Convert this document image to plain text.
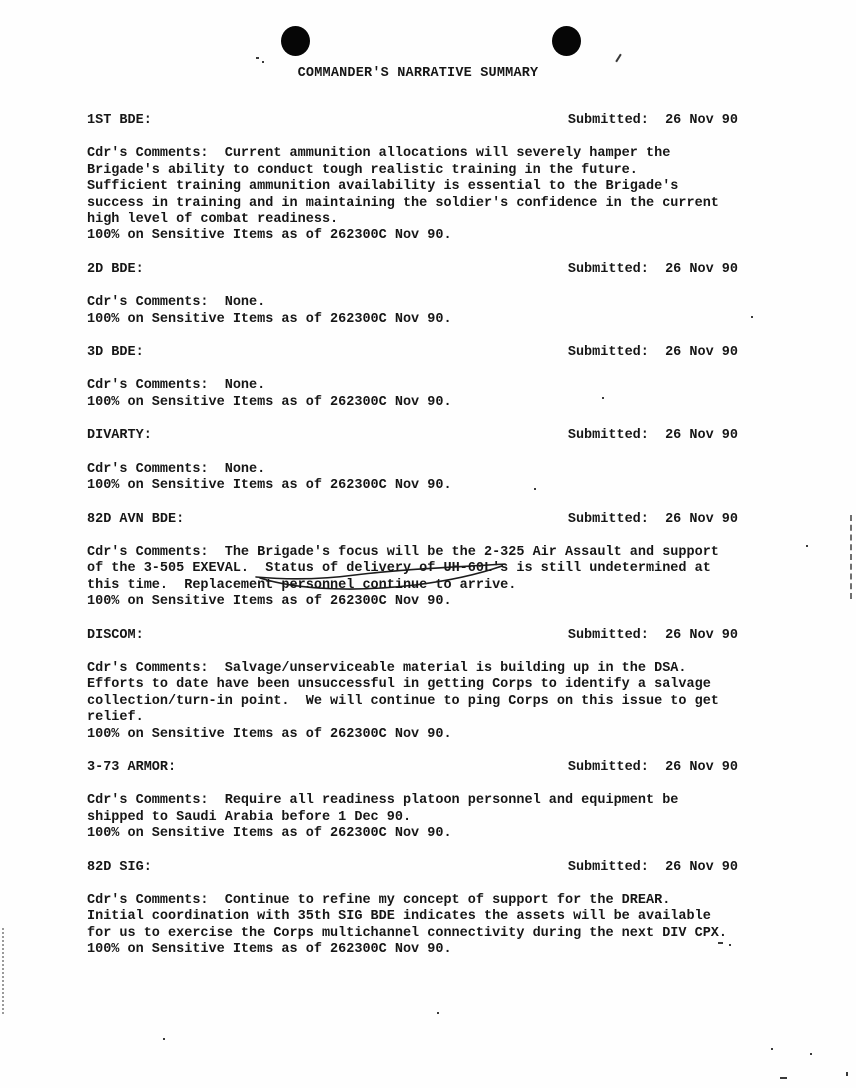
COMMANDER'S NARRATIVE SUMMARY
1ST BDE:	Submitted: 26 Nov 90
Cdr's Comments:  Current ammunition allocations will severely hamper the
Brigade's ability to conduct tough realistic training in the future.
Sufficient training ammunition availability is essential to the Brigade's
success in training and in maintaining the soldier's confidence in the current
high level of combat readiness.
100% on Sensitive Items as of 262300C Nov 90.
2D BDE:	Submitted: 26 Nov 90
Cdr's Comments:  None.
100% on Sensitive Items as of 262300C Nov 90.
3D BDE:	Submitted: 26 Nov 90
Cdr's Comments:  None.
100% on Sensitive Items as of 262300C Nov 90.
DIVARTY:	Submitted: 26 Nov 90
Cdr's Comments:  None.
100% on Sensitive Items as of 262300C Nov 90.
82D AVN BDE:	Submitted: 26 Nov 90
Cdr's Comments:  The Brigade's focus will be the 2-325 Air Assault and support
of the 3-505 EXEVAL.  Status of delivery of UH-60L's is still undetermined at
this time.  Replacement personnel continue to arrive.
100% on Sensitive Items as of 262300C Nov 90.
DISCOM:	Submitted: 26 Nov 90
Cdr's Comments:  Salvage/unserviceable material is building up in the DSA.
Efforts to date have been unsuccessful in getting Corps to identify a salvage
collection/turn-in point.  We will continue to ping Corps on this issue to get
relief.
100% on Sensitive Items as of 262300C Nov 90.
3-73 ARMOR:	Submitted: 26 Nov 90
Cdr's Comments:  Require all readiness platoon personnel and equipment be
shipped to Saudi Arabia before 1 Dec 90.
100% on Sensitive Items as of 262300C Nov 90.
82D SIG:	Submitted: 26 Nov 90
Cdr's Comments:  Continue to refine my concept of support for the DREAR.
Initial coordination with 35th SIG BDE indicates the assets will be available
for us to exercise the Corps multichannel connectivity during the next DIV CPX.
100% on Sensitive Items as of 262300C Nov 90.
